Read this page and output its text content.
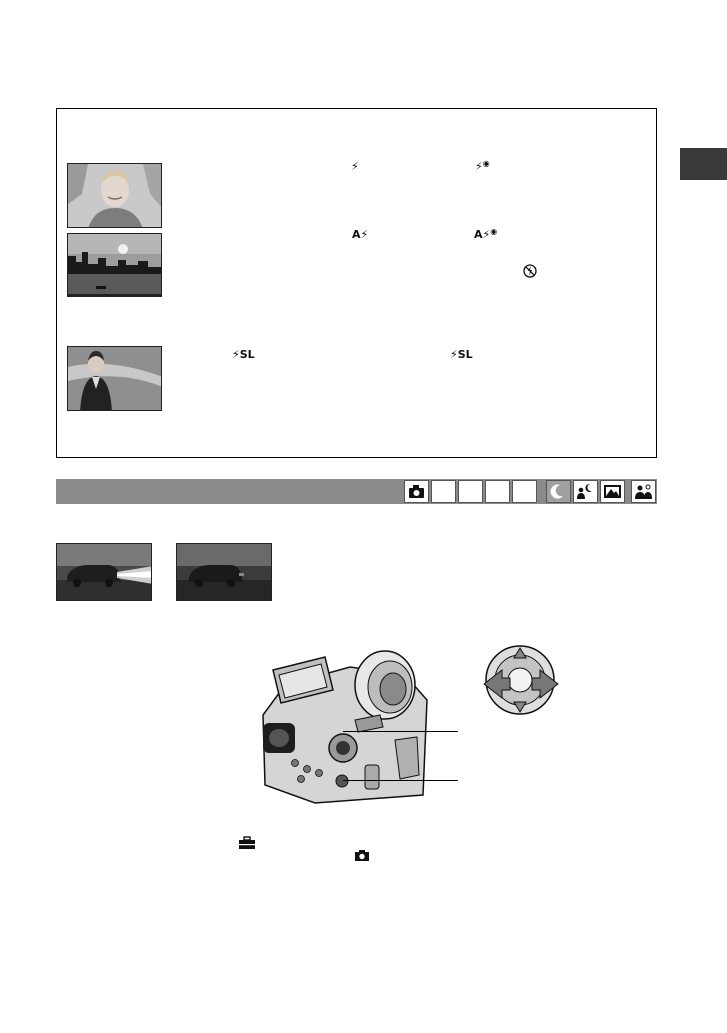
⚡	⚡◉
A⚡	A⚡◉
⚡SL	⚡SL
